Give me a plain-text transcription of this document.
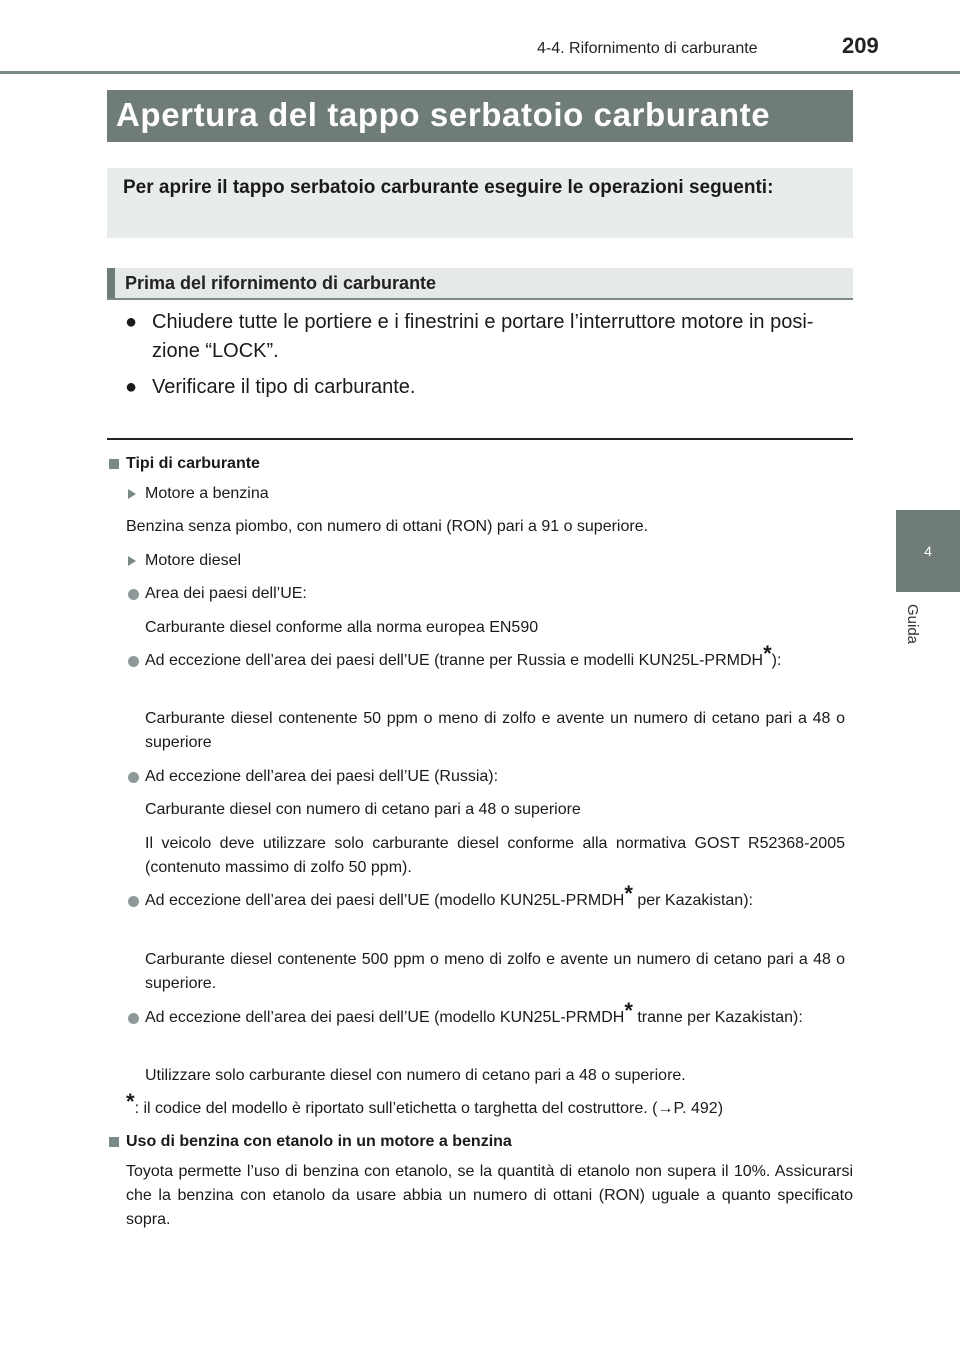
4-4. Rifornimento di carburante	209
4
Guida
Apertura del tappo serbatoio carburante

Per aprire il tappo serbatoio carburante eseguire le operazioni seguenti:

Prima del rifornimento di carburante
● Chiudere tutte le portiere e i finestrini e portare l’interruttore motore in posi-zione “LOCK”.
● Verificare il tipo di carburante.
Tipi di carburante
Motore a benzina
Benzina senza piombo, con numero di ottani (RON) pari a 91 o superiore.
Motore diesel
Area dei paesi dell’UE:
Carburante diesel conforme alla norma europea EN590
Ad eccezione dell’area dei paesi dell’UE (tranne per Russia e modelli KUN25L-PRMDH*):
Carburante diesel contenente 50 ppm o meno di zolfo e avente un numero di cetano pari a 48 o superiore
Ad eccezione dell’area dei paesi dell’UE (Russia):
Carburante diesel con numero di cetano pari a 48 o superiore
Il veicolo deve utilizzare solo carburante diesel conforme alla normativa GOST R52368-2005 (contenuto massimo di zolfo 50 ppm).
Ad eccezione dell’area dei paesi dell’UE (modello KUN25L-PRMDH* per Kazakistan):
Carburante diesel contenente 500 ppm o meno di zolfo e avente un numero di cetano pari a 48 o superiore.
Ad eccezione dell’area dei paesi dell’UE (modello KUN25L-PRMDH* tranne per Kazakistan):
Utilizzare solo carburante diesel con numero di cetano pari a 48 o superiore.
*: il codice del modello è riportato sull’etichetta o targhetta del costruttore. (→P. 492)
Uso di benzina con etanolo in un motore a benzina
Toyota permette l’uso di benzina con etanolo, se la quantità di etanolo non supera il 10%. Assicurarsi che la benzina con etanolo da usare abbia un numero di ottani (RON) uguale a quanto specificato sopra.
